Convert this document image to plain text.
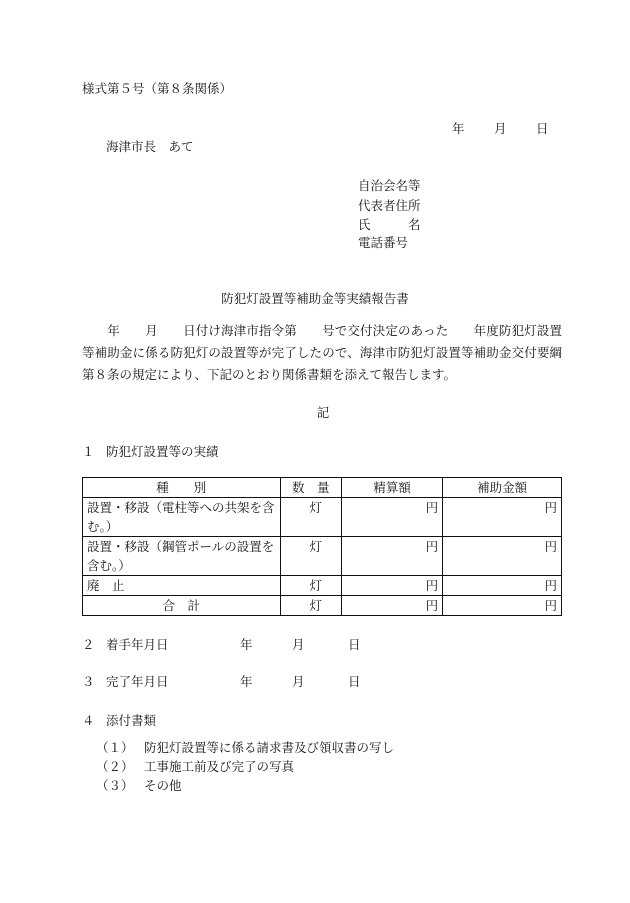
様式第５号（第８条関係）
年 月 日
海津市長　あて
自治会名等
代表者住所
氏　　　名
電話番号
防犯灯設置等補助金等実績報告書
　　年　　月　　日付け海津市指令第　　号で交付決定のあった　　年度防犯灯設置等補助金に係る防犯灯の設置等が完了したので、海津市防犯灯設置等補助金交付要綱第８条の規定により、下記のとおり関係書類を添えて報告します。
記
１ 防犯灯設置等の実績
種　　別	数　量	精算額	補助金額
設置・移設（電柱等への共架を含む。）	灯	円	円
設置・移設（鋼管ポールの設置を含む。）	灯	円	円
廃　止	灯	円	円
合　計	灯	円	円
２ 着手年月日	年	月	日
３ 完了年月日	年	月	日
４ 添付書類
（１） 防犯灯設置等に係る請求書及び領収書の写し
（２） 工事施工前及び完了の写真
（３） その他
